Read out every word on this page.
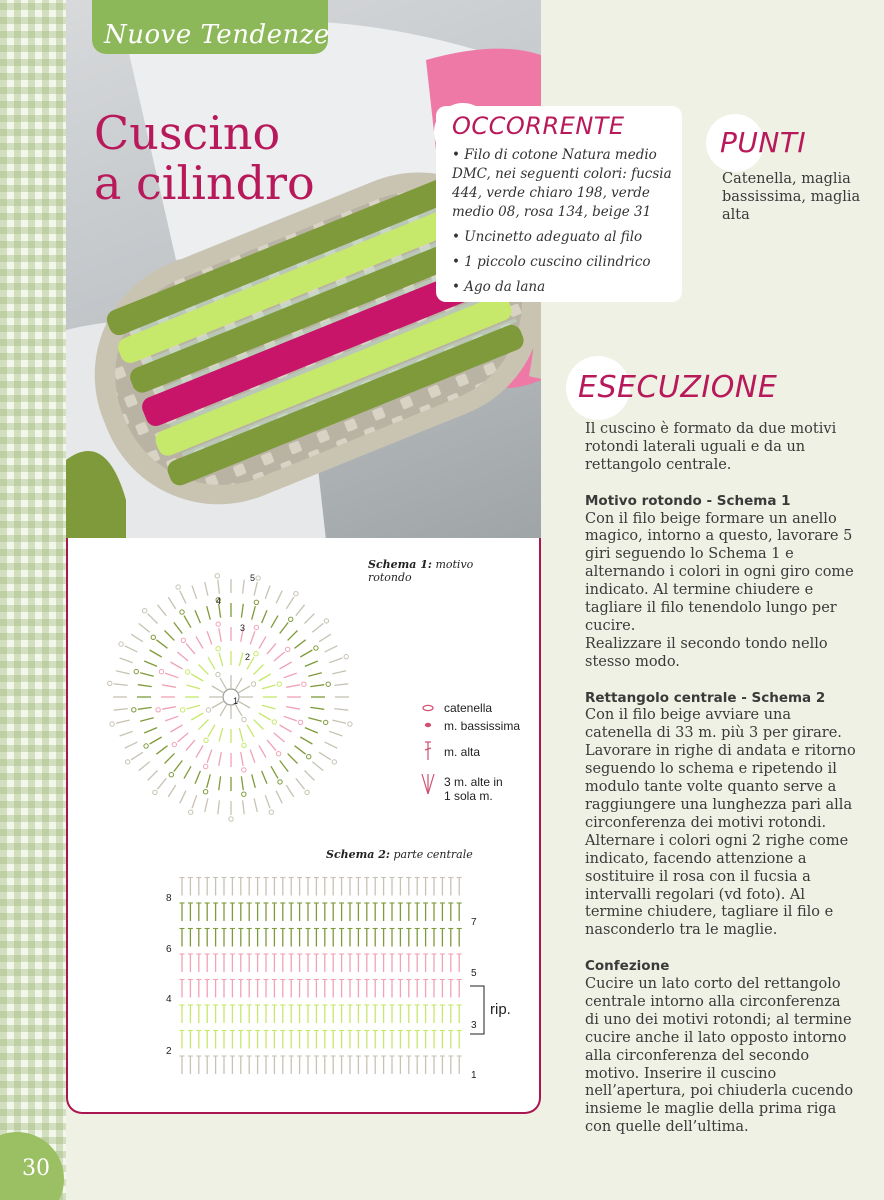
Nuove Tendenze
Cuscino
a cilindro
OCCORRENTE
• Filo di cotone Natura medio DMC, nei seguenti colori: fucsia 444, verde chiaro 198, verde medio 08, rosa 134, beige 31
• Uncinetto adeguato al filo
• 1 piccolo cuscino cilindrico
• Ago da lana
PUNTI
Catenella, maglia bassissima, maglia alta
1
2
3
4
5
Schema 1: motivo rotondo
catenella
m. bassissima
m. alta
3 m. alte in
1 sola m.
Schema 2: parte centrale
8
6
4
2
7
5
3
1
rip.
ESECUZIONE

Il cuscino è formato da due motivi rotondi laterali uguali e da un rettangolo centrale.

Motivo rotondo - Schema 1
Con il filo beige formare un anello magico, intorno a questo, lavorare 5 giri seguendo lo Schema 1 e alternando i colori in ogni giro come indicato. Al termine chiudere e tagliare il filo tenendolo lungo per cucire.
Realizzare il secondo tondo nello stesso modo.

Rettangolo centrale - Schema 2
Con il filo beige avviare una catenella di 33 m. più 3 per girare. Lavorare in righe di andata e ritorno seguendo lo schema e ripetendo il modulo tante volte quanto serve a raggiungere una lunghezza pari alla circonferenza dei motivi rotondi.
Alternare i colori ogni 2 righe come indicato, facendo attenzione a sostituire il rosa con il fucsia a intervalli regolari (vd foto). Al termine chiudere, tagliare il filo e nasconderlo tra le maglie.

Confezione
Cucire un lato corto del rettangolo centrale intorno alla circonferenza di uno dei motivi rotondi; al termine cucire anche il lato opposto intorno alla circonferenza del secondo motivo. Inserire il cuscino nell’apertura, poi chiuderla cucendo insieme le maglie della prima riga con quelle dell’ultima.

30
